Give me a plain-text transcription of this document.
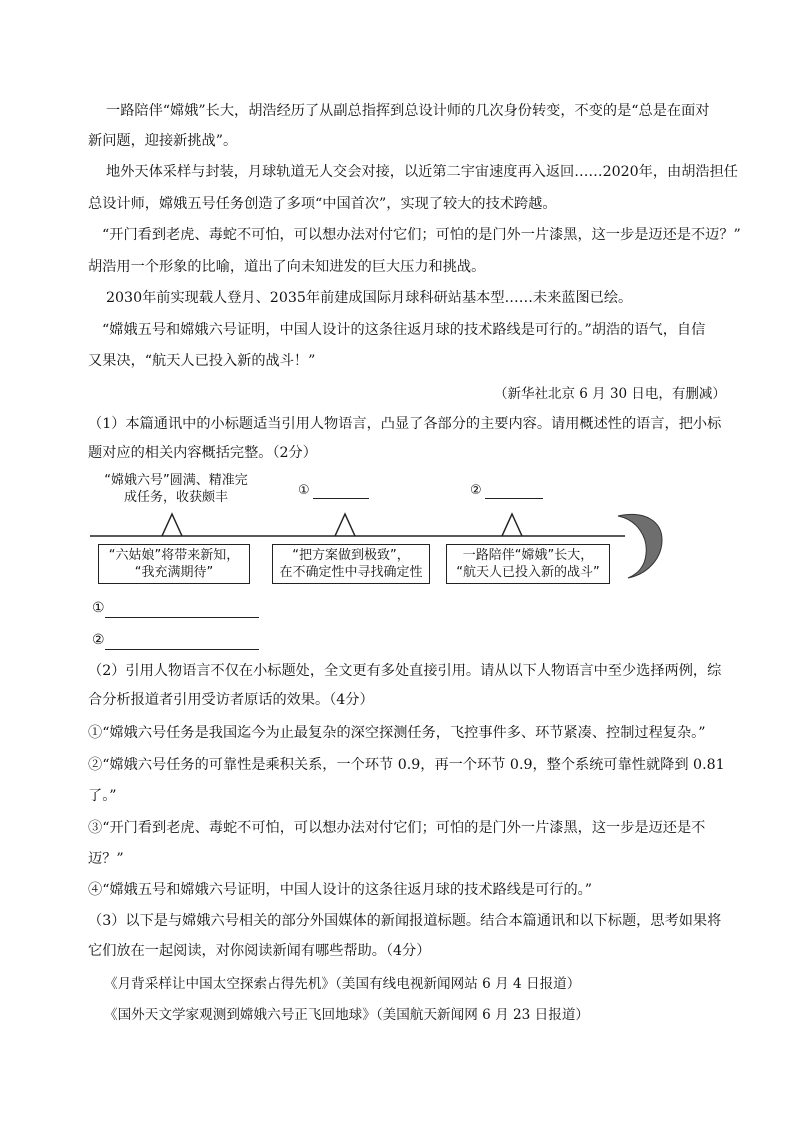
一路陪伴“嫦娥”长大，胡浩经历了从副总指挥到总设计师的几次身份转变，不变的是“总是在面对
新问题，迎接新挑战”。
地外天体采样与封装，月球轨道无人交会对接，以近第二宇宙速度再入返回……2020年，由胡浩担任
总设计师，嫦娥五号任务创造了多项“中国首次”，实现了较大的技术跨越。
“开门看到老虎、毒蛇不可怕，可以想办法对付它们；可怕的是门外一片漆黑，这一步是迈还是不迈？”
胡浩用一个形象的比喻，道出了向未知进发的巨大压力和挑战。
2030年前实现载人登月、2035年前建成国际月球科研站基本型……未来蓝图已绘。
“嫦娥五号和嫦娥六号证明，中国人设计的这条往返月球的技术路线是可行的。”胡浩的语气，自信
又果决，“航天人已投入新的战斗！”
（新华社北京 6 月 30 日电，有删减）
（1）本篇通讯中的小标题适当引用人物语言，凸显了各部分的主要内容。请用概述性的语言，把小标
题对应的相关内容概括完整。（2分）
“嫦娥六号”圆满、精准完
成任务，收获颇丰	①	②
“六姑娘”将带来新知，
“我充满期待”
“把方案做到极致”，
在不确定性中寻找确定性
一路陪伴“嫦娥”长大，
“航天人已投入新的战斗”
①
②
（2）引用人物语言不仅在小标题处，全文更有多处直接引用。请从以下人物语言中至少选择两例，综
合分析报道者引用受访者原话的效果。（4分）
①“嫦娥六号任务是我国迄今为止最复杂的深空探测任务，飞控事件多、环节紧凑、控制过程复杂。”
②“嫦娥六号任务的可靠性是乘积关系，一个环节 0.9，再一个环节 0.9，整个系统可靠性就降到 0.81
了。”
③“开门看到老虎、毒蛇不可怕，可以想办法对付它们；可怕的是门外一片漆黑，这一步是迈还是不
迈？”
④“嫦娥五号和嫦娥六号证明，中国人设计的这条往返月球的技术路线是可行的。”
（3）以下是与嫦娥六号相关的部分外国媒体的新闻报道标题。结合本篇通讯和以下标题，思考如果将
它们放在一起阅读，对你阅读新闻有哪些帮助。（4分）
《月背采样让中国太空探索占得先机》（美国有线电视新闻网站 6 月 4 日报道）
《国外天文学家观测到嫦娥六号正飞回地球》（美国航天新闻网 6 月 23 日报道）
